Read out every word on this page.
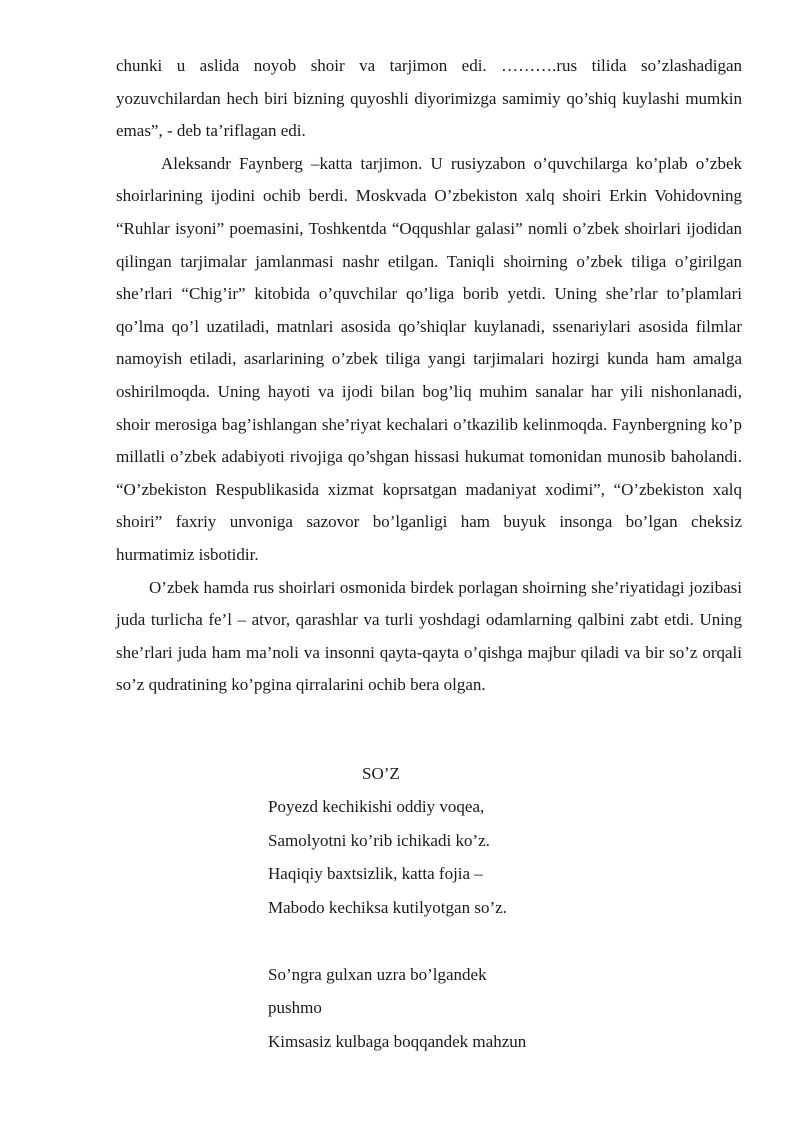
chunki u aslida noyob shoir va tarjimon edi. ……….rus tilida so’zlashadigan yozuvchilardan hech biri bizning quyoshli diyorimizga samimiy qo’shiq kuylashi mumkin emas”, - deb ta’riflagan edi.

Aleksandr Faynberg –katta tarjimon. U rusiyzabon o’quvchilarga ko’plab o’zbek shoirlarining ijodini ochib berdi. Moskvada O’zbekiston xalq shoiri Erkin Vohidovning “Ruhlar isyoni” poemasini, Toshkentda “Oqqushlar galasi” nomli o’zbek shoirlari ijodidan qilingan tarjimalar jamlanmasi nashr etilgan. Taniqli shoirning o’zbek tiliga o’girilgan she’rlari “Chig’ir” kitobida o’quvchilar qo’liga borib yetdi. Uning she’rlar to’plamlari qo’lma qo’l uzatiladi, matnlari asosida qo’shiqlar kuylanadi, ssenariylari asosida filmlar namoyish etiladi, asarlarining o’zbek tiliga yangi tarjimalari hozirgi kunda ham amalga oshirilmoqda. Uning hayoti va ijodi bilan bog’liq muhim sanalar har yili nishonlanadi, shoir merosiga bag’ishlangan she’riyat kechalari o’tkazilib kelinmoqda. Faynbergning ko’p millatli o’zbek adabiyoti rivojiga qo’shgan hissasi hukumat tomonidan munosib baholandi. “O’zbekiston Respublikasida xizmat koprsatgan madaniyat xodimi”, “O’zbekiston xalq shoiri” faxriy unvoniga sazovor bo’lganligi ham buyuk insonga bo’lgan cheksiz hurmatimiz isbotidir.

O’zbek hamda rus shoirlari osmonida birdek porlagan shoirning she’riyatidagi jozibasi juda turlicha fe’l – atvor, qarashlar va turli yoshdagi odamlarning qalbini zabt etdi. Uning she’rlari juda ham ma’noli va insonni qayta-qayta o’qishga majbur qiladi va bir so’z orqali so’z qudratining ko’pgina qirralarini ochib bera olgan.

SO’Z
Poyezd kechikishi oddiy voqea,
Samolyotni ko’rib ichikadi ko’z.
Haqiqiy baxtsizlik, katta fojia –
Mabodo kechiksa kutilyotgan so’z.
So’ngra gulxan uzra bo’lgandek
pushmo
Kimsasiz kulbaga boqqandek mahzun
